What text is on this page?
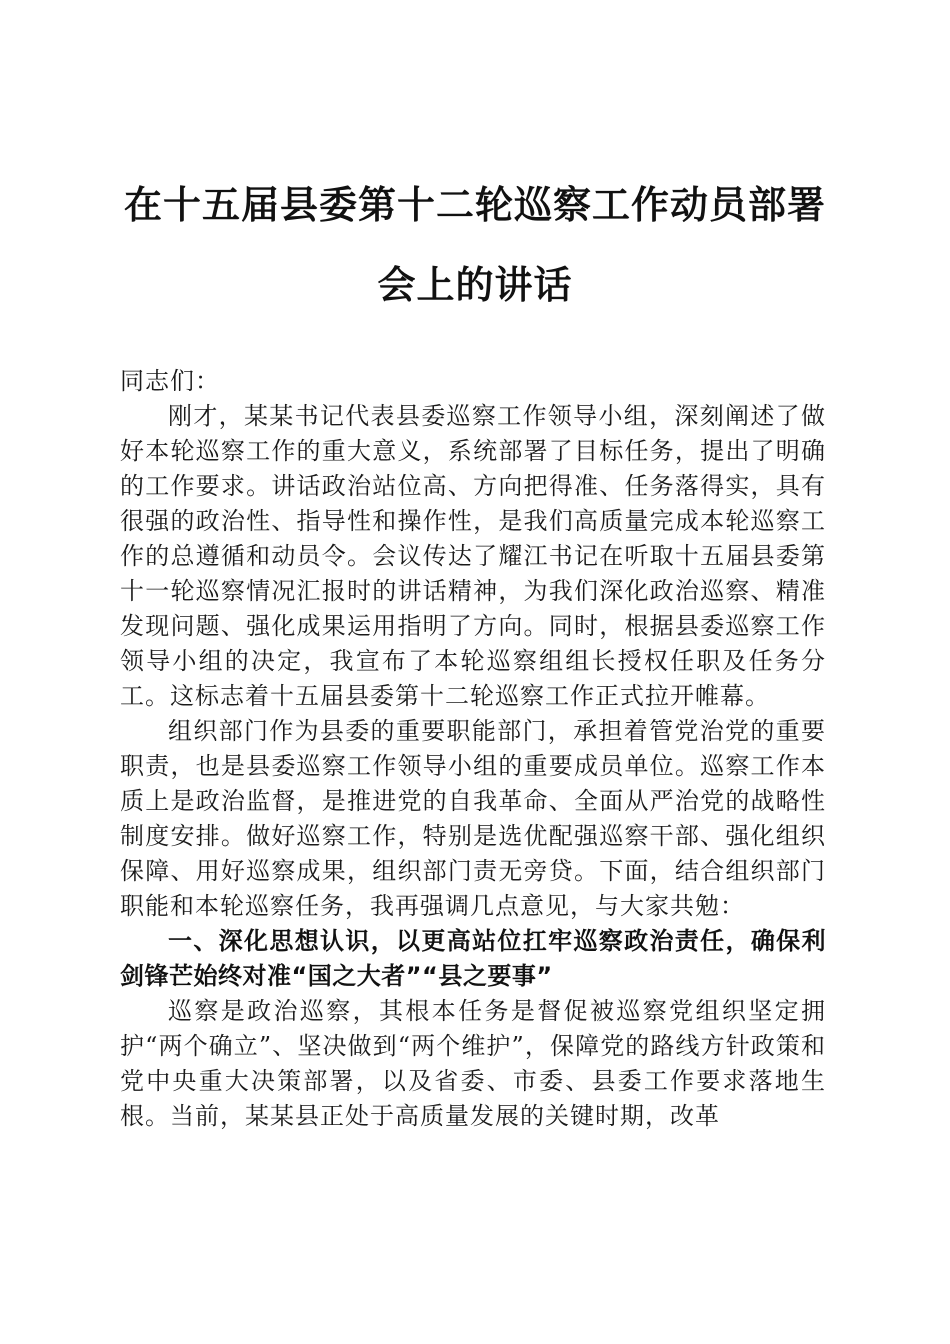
在十五届县委第十二轮巡察工作动员部署会上的讲话

同志们：

刚才，某某书记代表县委巡察工作领导小组，深刻阐述了做好本轮巡察工作的重大意义，系统部署了目标任务，提出了明确的工作要求。讲话政治站位高、方向把得准、任务落得实，具有很强的政治性、指导性和操作性，是我们高质量完成本轮巡察工作的总遵循和动员令。会议传达了耀江书记在听取十五届县委第十一轮巡察情况汇报时的讲话精神，为我们深化政治巡察、精准发现问题、强化成果运用指明了方向。同时，根据县委巡察工作领导小组的决定，我宣布了本轮巡察组组长授权任职及任务分工。这标志着十五届县委第十二轮巡察工作正式拉开帷幕。

组织部门作为县委的重要职能部门，承担着管党治党的重要职责，也是县委巡察工作领导小组的重要成员单位。巡察工作本质上是政治监督，是推进党的自我革命、全面从严治党的战略性制度安排。做好巡察工作，特别是选优配强巡察干部、强化组织保障、用好巡察成果，组织部门责无旁贷。下面，结合组织部门职能和本轮巡察任务，我再强调几点意见，与大家共勉：

一、深化思想认识，以更高站位扛牢巡察政治责任，确保利剑锋芒始终对准“国之大者”“县之要事”

巡察是政治巡察，其根本任务是督促被巡察党组织坚定拥护“两个确立”、坚决做到“两个维护”，保障党的路线方针政策和党中央重大决策部署，以及省委、市委、县委工作要求落地生根。当前，某某县正处于高质量发展的关键时期，改革
